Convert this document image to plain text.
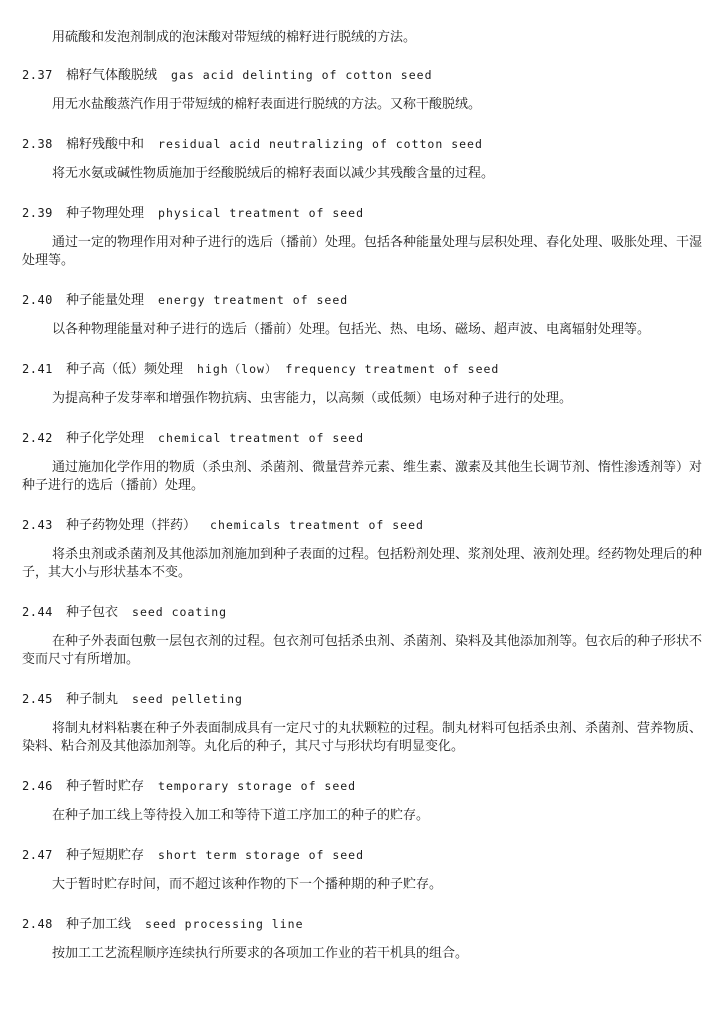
用硫酸和发泡剂制成的泡沫酸对带短绒的棉籽进行脱绒的方法。

2.37 棉籽气体酸脱绒 gas acid delinting of cotton seed

用无水盐酸蒸汽作用于带短绒的棉籽表面进行脱绒的方法。又称干酸脱绒。

2.38 棉籽残酸中和 residual acid neutralizing of cotton seed

将无水氨或碱性物质施加于经酸脱绒后的棉籽表面以减少其残酸含量的过程。

2.39 种子物理处理 physical treatment of seed

通过一定的物理作用对种子进行的选后（播前）处理。包括各种能量处理与层积处理、春化处理、吸胀处理、干湿处理等。

2.40 种子能量处理 energy treatment of seed

以各种物理能量对种子进行的选后（播前）处理。包括光、热、电场、磁场、超声波、电离辐射处理等。

2.41 种子高（低）频处理 high（low） frequency treatment of seed

为提高种子发芽率和增强作物抗病、虫害能力，以高频（或低频）电场对种子进行的处理。

2.42 种子化学处理 chemical treatment of seed

通过施加化学作用的物质（杀虫剂、杀菌剂、微量营养元素、维生素、激素及其他生长调节剂、惰性渗透剂等）对种子进行的选后（播前）处理。

2.43 种子药物处理（拌药） chemicals treatment of seed

将杀虫剂或杀菌剂及其他添加剂施加到种子表面的过程。包括粉剂处理、浆剂处理、液剂处理。经药物处理后的种子，其大小与形状基本不变。

2.44 种子包衣 seed coating

在种子外表面包敷一层包衣剂的过程。包衣剂可包括杀虫剂、杀菌剂、染料及其他添加剂等。包衣后的种子形状不变而尺寸有所增加。

2.45 种子制丸 seed pelleting

将制丸材料粘裹在种子外表面制成具有一定尺寸的丸状颗粒的过程。制丸材料可包括杀虫剂、杀菌剂、营养物质、染料、粘合剂及其他添加剂等。丸化后的种子，其尺寸与形状均有明显变化。

2.46 种子暂时贮存 temporary storage of seed

在种子加工线上等待投入加工和等待下道工序加工的种子的贮存。

2.47 种子短期贮存 short term storage of seed

大于暂时贮存时间，而不超过该种作物的下一个播种期的种子贮存。

2.48 种子加工线 seed processing line

按加工工艺流程顺序连续执行所要求的各项加工作业的若干机具的组合。
